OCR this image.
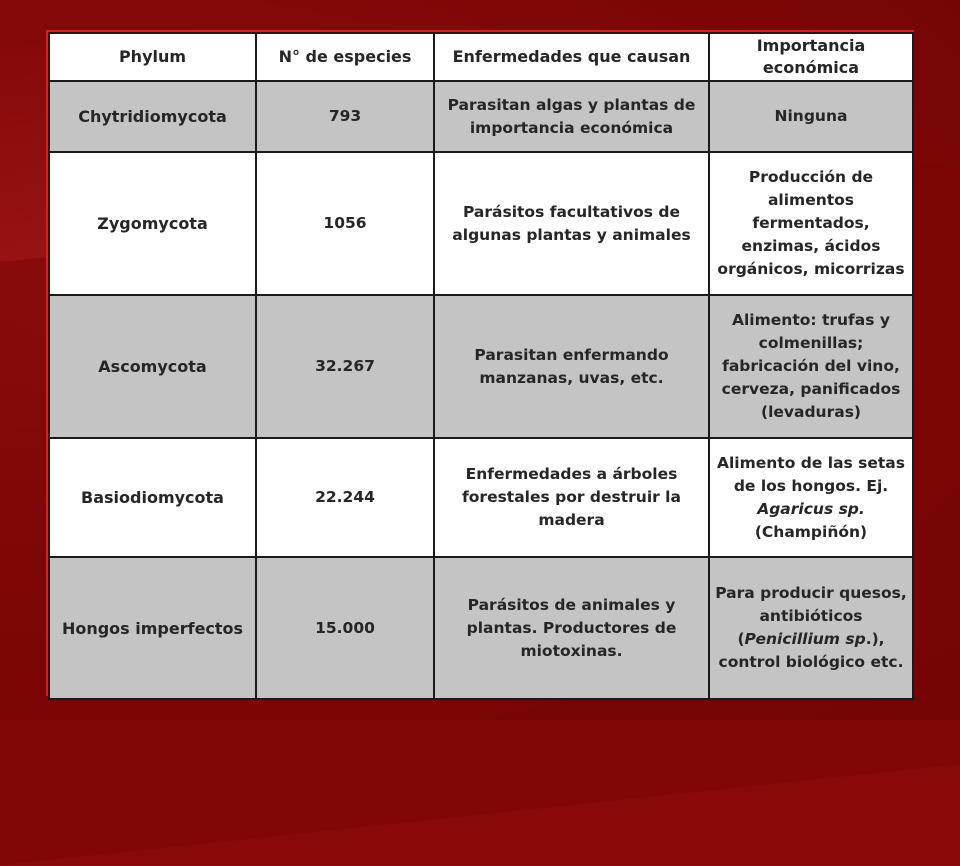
Phylum	N° de especies	Enfermedades que causan	Importancia económica
Chytridiomycota	793	Parasitan algas y plantas de importancia económica	Ninguna
Zygomycota	1056	Parásitos facultativos de algunas plantas y animales	Producción de alimentos fermentados, enzimas, ácidos orgánicos, micorrizas
Ascomycota	32.267	Parasitan enfermando manzanas, uvas, etc.	Alimento: trufas y colmenillas; fabricación del vino, cerveza, panificados (levaduras)
Basiodiomycota	22.244	Enfermedades a árboles forestales por destruir la madera	Alimento de las setas de los hongos. Ej. Agaricus sp. (Champiñón)
Hongos imperfectos	15.000	Parásitos de animales y plantas. Productores de miotoxinas.	Para producir quesos, antibióticos (Penicillium sp.), control biológico etc.
